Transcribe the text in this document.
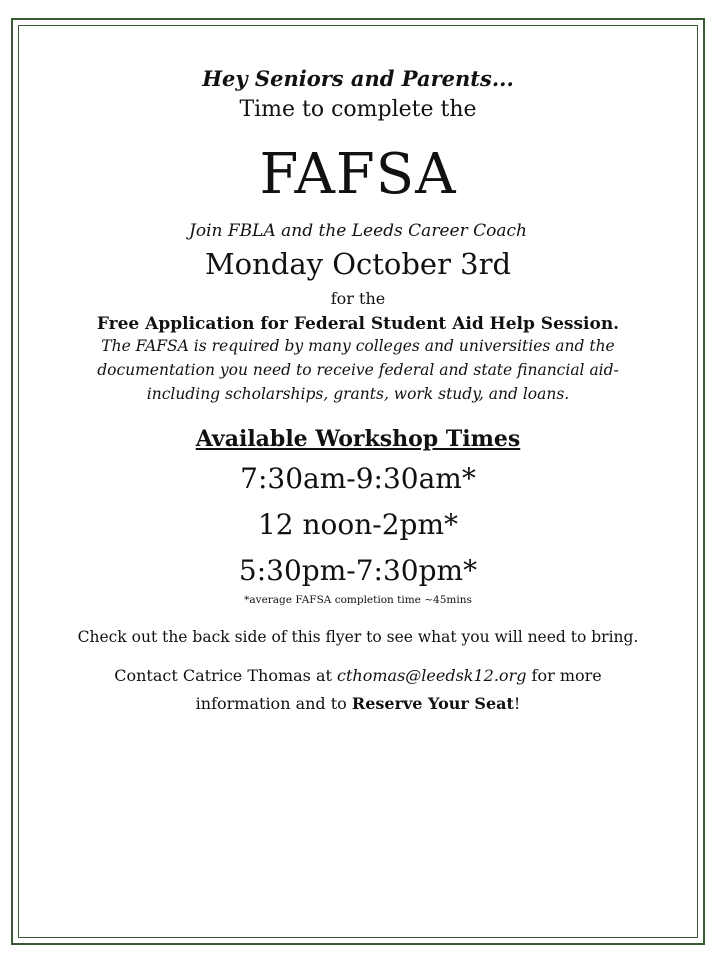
Hey Seniors and Parents...
Time to complete the
FAFSA
Join FBLA and the Leeds Career Coach
Monday October 3rd
for the
Free Application for Federal Student Aid Help Session.
The FAFSA is required by many colleges and universities and the
documentation you need to receive federal and state financial aid-
including scholarships, grants, work study, and loans.
Available Workshop Times
7:30am-9:30am*
12 noon-2pm*
5:30pm-7:30pm*
*average FAFSA completion time ~45mins
Check out the back side of this flyer to see what you will need to bring.
Contact Catrice Thomas at cthomas@leedsk12.org for more
information and to Reserve Your Seat!
